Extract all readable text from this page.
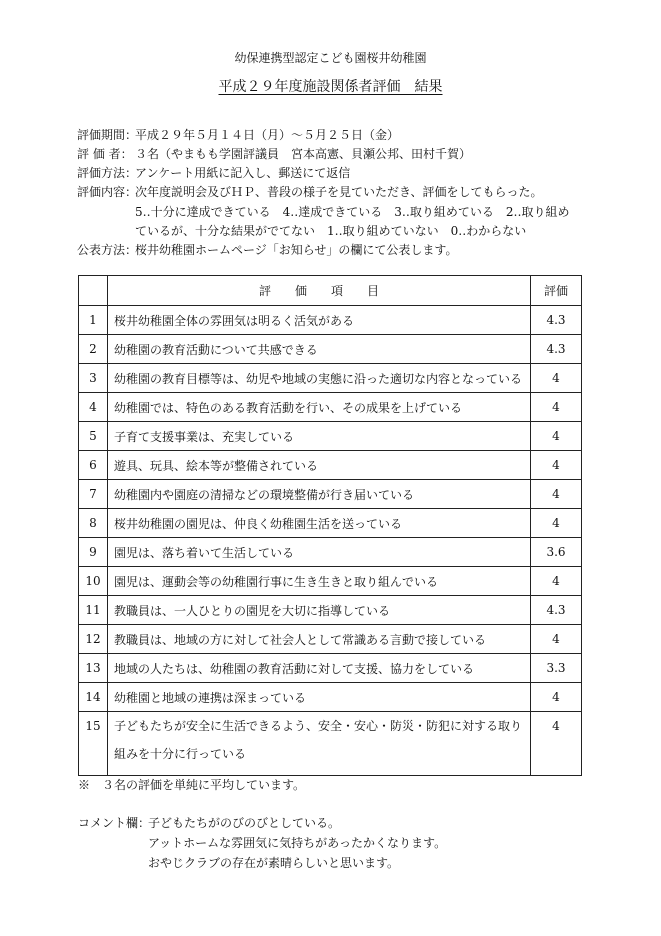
幼保連携型認定こども園桜井幼稚園
平成２９年度施設関係者評価　結果
評価期間：
平成２９年５月１４日（月）〜５月２５日（金）
評 価 者： ３名（やまもも学園評議員　宮本高憲、貝瀬公邦、田村千賀）
評価方法：
アンケート用紙に記入し、郵送にて返信
評価内容：
次年度説明会及びＨＰ、普段の様子を見ていただき、評価をしてもらった。
5‥十分に達成できている　4‥達成できている　3‥取り組めている　2‥取り組め
ているが、十分な結果がでてない　1‥取り組めていない　0‥わからない
公表方法：
桜井幼稚園ホームページ「お知らせ」の欄にて公表します。
	評　　価　　項　　目	評価
1	桜井幼稚園全体の雰囲気は明るく活気がある	4.3
2	幼稚園の教育活動について共感できる	4.3
3	幼稚園の教育目標等は、幼児や地域の実態に沿った適切な内容となっている	4
4	幼稚園では、特色のある教育活動を行い、その成果を上げている	4
5	子育て支援事業は、充実している	4
6	遊具、玩具、絵本等が整備されている	4
7	幼稚園内や園庭の清掃などの環境整備が行き届いている	4
8	桜井幼稚園の園児は、仲良く幼稚園生活を送っている	4
9	園児は、落ち着いて生活している	3.6
10	園児は、運動会等の幼稚園行事に生き生きと取り組んでいる	4
11	教職員は、一人ひとりの園児を大切に指導している	4.3
12	教職員は、地域の方に対して社会人として常識ある言動で接している	4
13	地域の人たちは、幼稚園の教育活動に対して支援、協力をしている	3.3
14	幼稚園と地域の連携は深まっている	4
15	子どもたちが安全に生活できるよう、安全・安心・防災・防犯に対する取り
組みを十分に行っている	4
※　３名の評価を単純に平均しています。
コメント欄：
子どもたちがのびのびとしている。
アットホームな雰囲気に気持ちがあったかくなります。
おやじクラブの存在が素晴らしいと思います。
